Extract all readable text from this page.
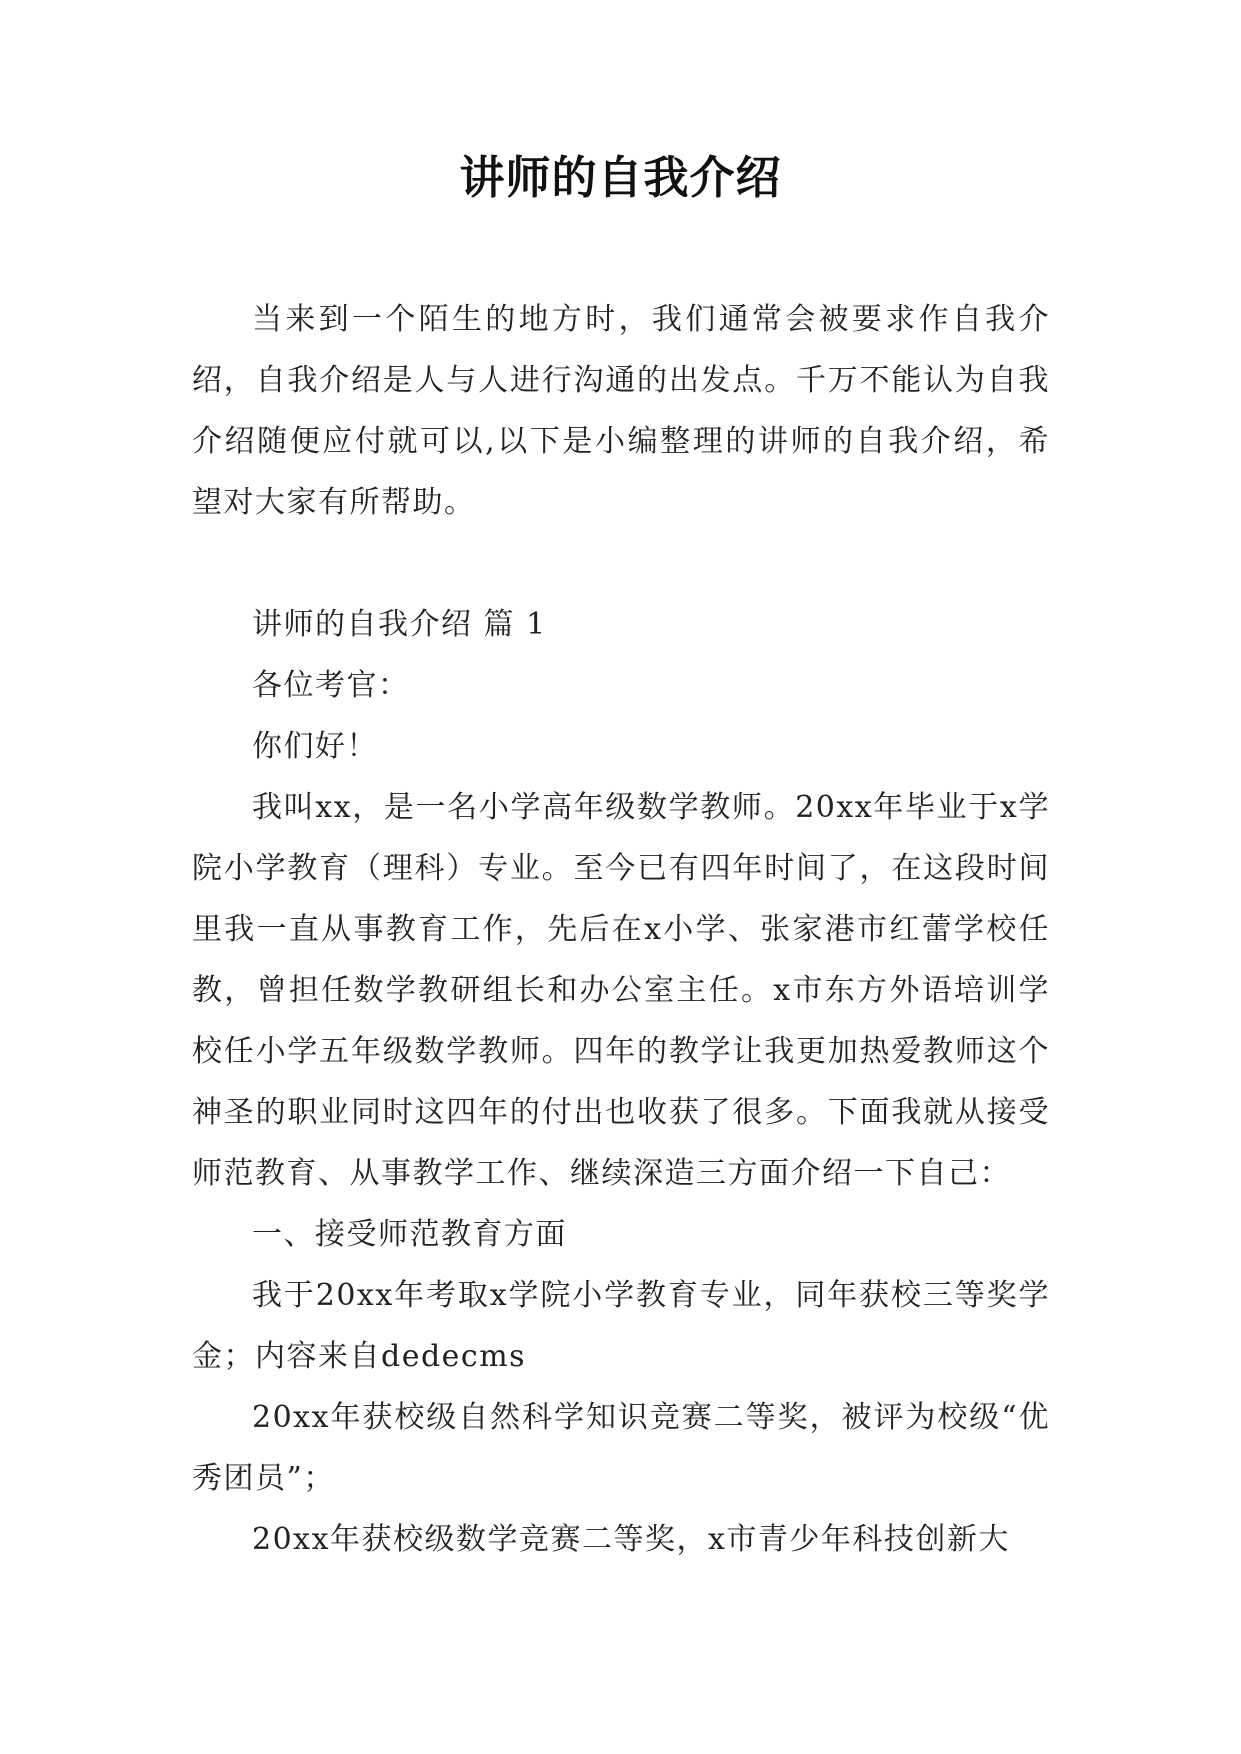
讲师的自我介绍

当来到一个陌生的地方时，我们通常会被要求作自我介绍，自我介绍是人与人进行沟通的出发点。千万不能认为自我介绍随便应付就可以,以下是小编整理的讲师的自我介绍，希望对大家有所帮助。

讲师的自我介绍 篇 1

各位考官：

你们好！

我叫xx，是一名小学高年级数学教师。20xx年毕业于x学院小学教育（理科）专业。至今已有四年时间了，在这段时间里我一直从事教育工作，先后在x小学、张家港市红蕾学校任教，曾担任数学教研组长和办公室主任。x市东方外语培训学校任小学五年级数学教师。四年的教学让我更加热爱教师这个神圣的职业同时这四年的付出也收获了很多。下面我就从接受师范教育、从事教学工作、继续深造三方面介绍一下自己：

一、接受师范教育方面

我于20xx年考取x学院小学教育专业，同年获校三等奖学金；内容来自dedecms

20xx年获校级自然科学知识竞赛二等奖，被评为校级“优秀团员”；

20xx年获校级数学竞赛二等奖，x市青少年科技创新大
